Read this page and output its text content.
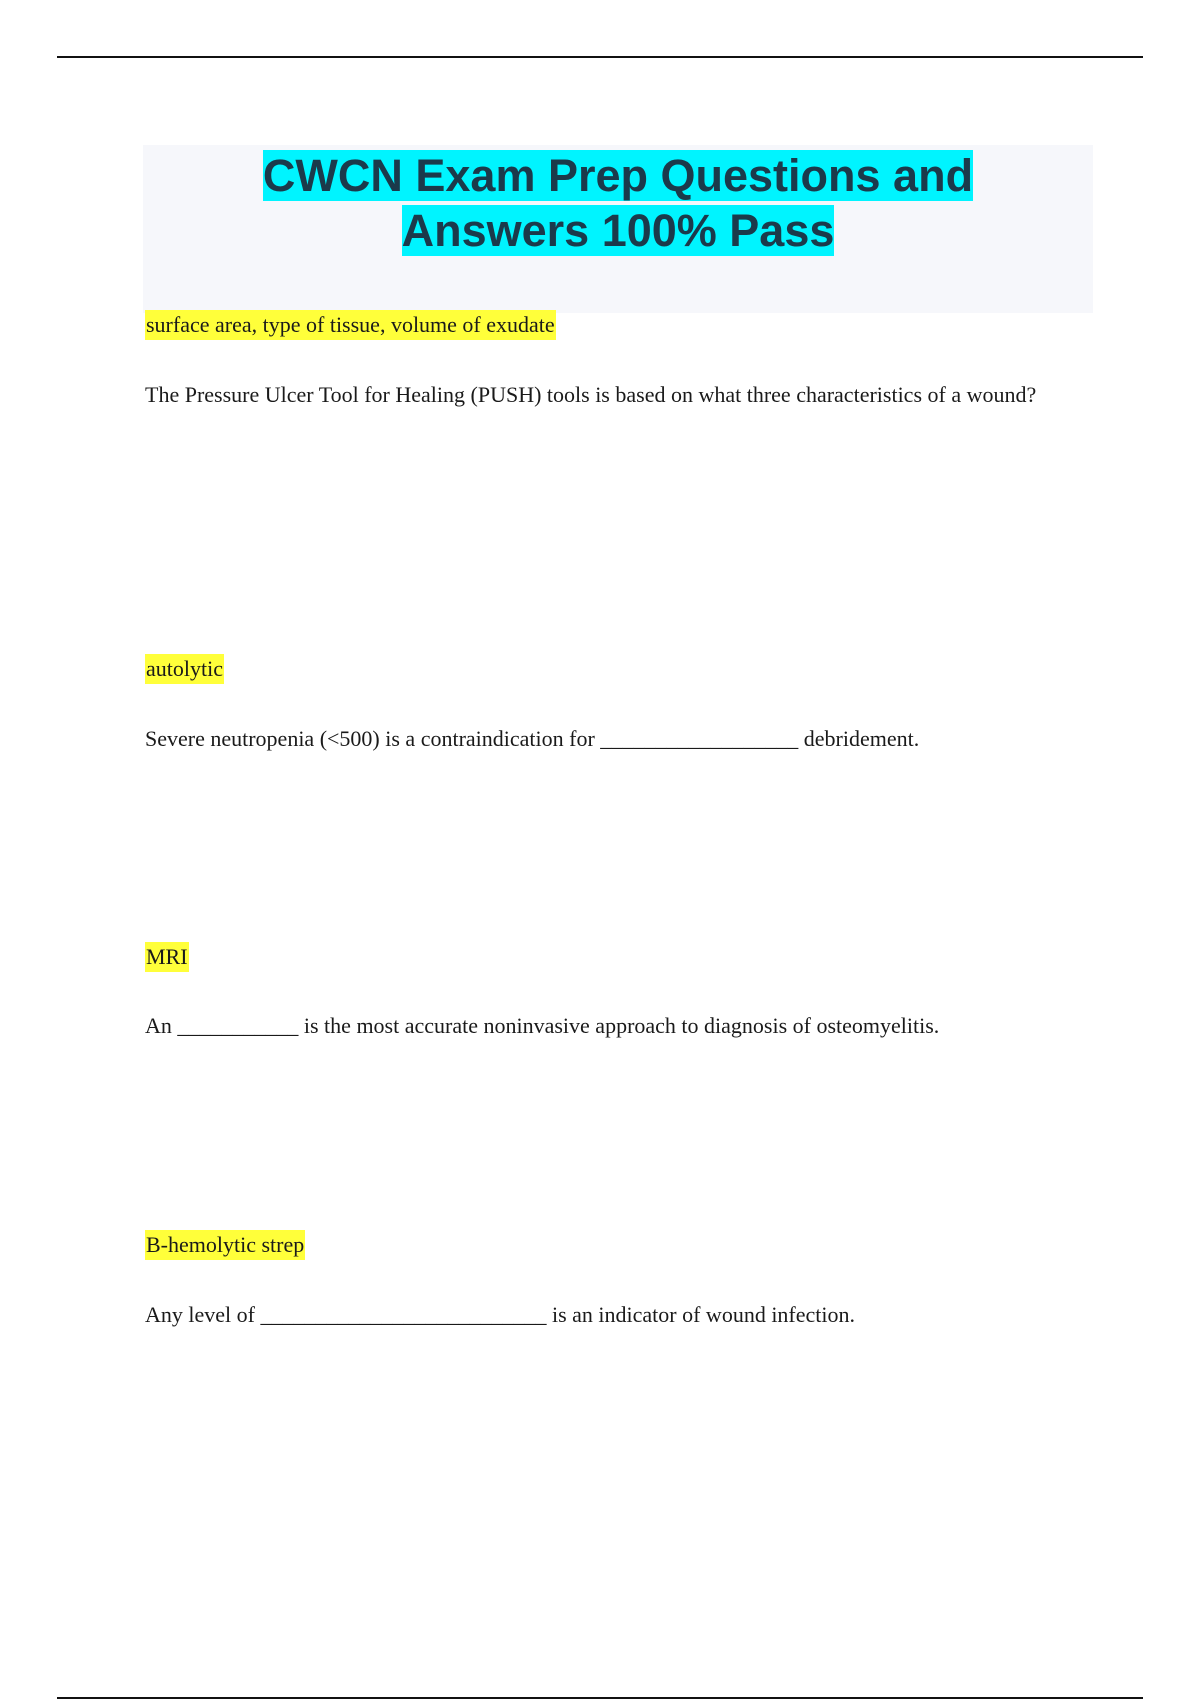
CWCN Exam Prep Questions and
Answers 100% Pass
surface area, type of tissue, volume of exudate

The Pressure Ulcer Tool for Healing (PUSH) tools is based on what three characteristics of a wound?

autolytic

Severe neutropenia (<500) is a contraindication for __________________ debridement.

MRI

An ___________ is the most accurate noninvasive approach to diagnosis of osteomyelitis.

B-hemolytic strep

Any level of __________________________ is an indicator of wound infection.
